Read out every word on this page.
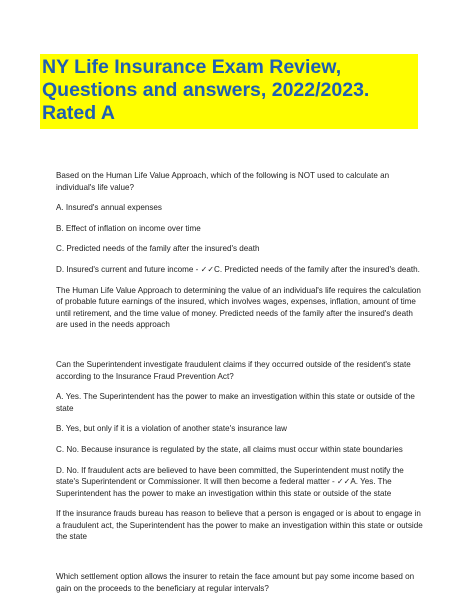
NY Life Insurance Exam Review,
Questions and answers, 2022/2023.
Rated A

Based on the Human Life Value Approach, which of the following is NOT used to calculate an individual's life value?

A. Insured's annual expenses

B. Effect of inflation on income over time

C. Predicted needs of the family after the insured's death

D. Insured's current and future income - ✓✓C. Predicted needs of the family after the insured's death.

The Human Life Value Approach to determining the value of an individual's life requires the calculation of probable future earnings of the insured, which involves wages, expenses, inflation, amount of time until retirement, and the time value of money. Predicted needs of the family after the insured's death are used in the needs approach

Can the Superintendent investigate fraudulent claims if they occurred outside of the resident's state according to the Insurance Fraud Prevention Act?

A. Yes. The Superintendent has the power to make an investigation within this state or outside of the state

B. Yes, but only if it is a violation of another state's insurance law

C. No. Because insurance is regulated by the state, all claims must occur within state boundaries

D. No. If fraudulent acts are believed to have been committed, the Superintendent must notify the state's Superintendent or Commissioner. It will then become a federal matter - ✓✓A. Yes. The Superintendent has the power to make an investigation within this state or outside of the state

If the insurance frauds bureau has reason to believe that a person is engaged or is about to engage in a fraudulent act, the Superintendent has the power to make an investigation within this state or outside the state

Which settlement option allows the insurer to retain the face amount but pay some income based on gain on the proceeds to the beneficiary at regular intervals?
